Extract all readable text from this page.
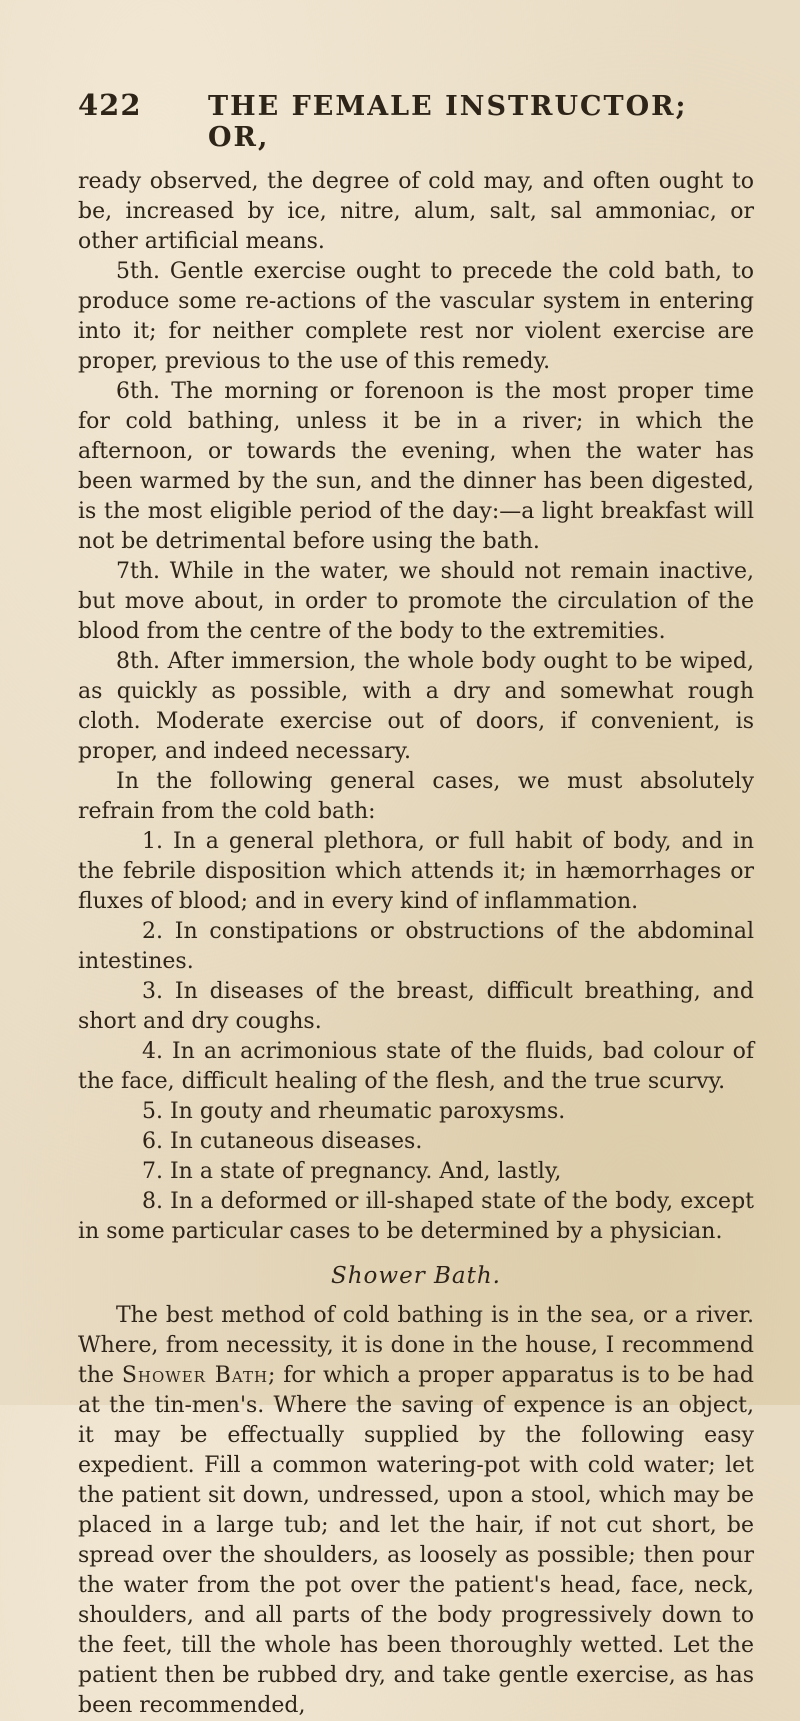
422	THE FEMALE INSTRUCTOR; OR,

ready observed, the degree of cold may, and often ought to be, increased by ice, nitre, alum, salt, sal ammoniac, or other artificial means.

5th. Gentle exercise ought to precede the cold bath, to produce some re-actions of the vascular system in entering into it; for neither complete rest nor violent exercise are proper, previous to the use of this remedy.

6th. The morning or forenoon is the most proper time for cold bathing, unless it be in a river; in which the afternoon, or towards the evening, when the water has been warmed by the sun, and the dinner has been digested, is the most eligible period of the day:—a light breakfast will not be detrimental before using the bath.

7th. While in the water, we should not remain inactive, but move about, in order to promote the circulation of the blood from the centre of the body to the extremities.

8th. After immersion, the whole body ought to be wiped, as quickly as possible, with a dry and somewhat rough cloth. Moderate exercise out of doors, if convenient, is proper, and indeed necessary.

In the following general cases, we must absolutely refrain from the cold bath:

1. In a general plethora, or full habit of body, and in the febrile disposition which attends it; in hæmorrhages or fluxes of blood; and in every kind of inflammation.

2. In constipations or obstructions of the abdominal intestines.

3. In diseases of the breast, difficult breathing, and short and dry coughs.

4. In an acrimonious state of the fluids, bad colour of the face, difficult healing of the flesh, and the true scurvy.

5. In gouty and rheumatic paroxysms.

6. In cutaneous diseases.

7. In a state of pregnancy. And, lastly,

8. In a deformed or ill-shaped state of the body, except in some particular cases to be determined by a physician.

Shower Bath.

The best method of cold bathing is in the sea, or a river. Where, from necessity, it is done in the house, I recommend the Shower Bath; for which a proper apparatus is to be had at the tin-men's. Where the saving of expence is an object, it may be effectually supplied by the following easy expedient. Fill a common watering-pot with cold water; let the patient sit down, undressed, upon a stool, which may be placed in a large tub; and let the hair, if not cut short, be spread over the shoulders, as loosely as possible; then pour the water from the pot over the patient's head, face, neck, shoulders, and all parts of the body progressively down to the feet, till the whole has been thoroughly wetted. Let the patient then be rubbed dry, and take gentle exercise, as has been recommended,
